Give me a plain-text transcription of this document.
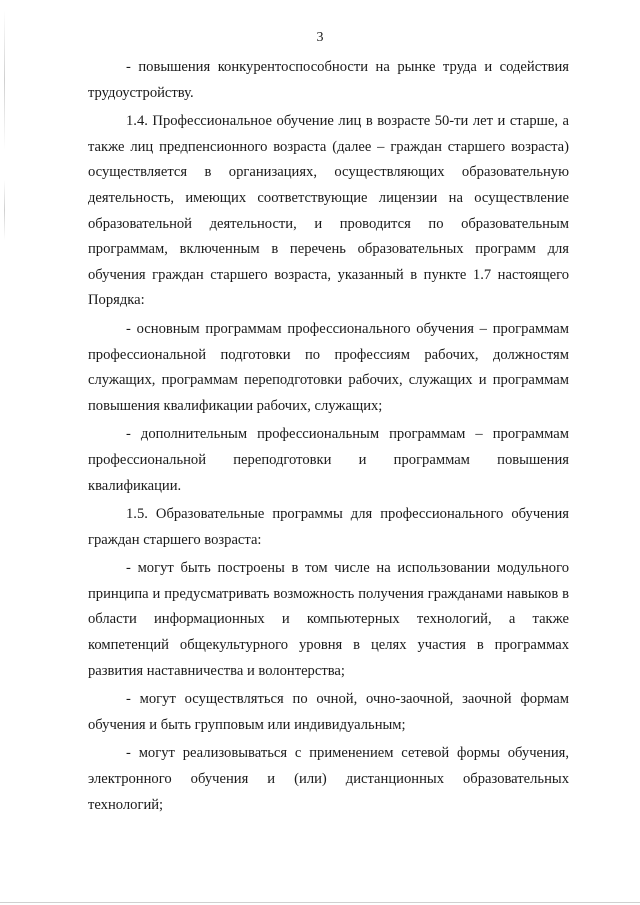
3

- повышения конкурентоспособности на рынке труда и содействия трудоустройству.

1.4. Профессиональное обучение лиц в возрасте 50-ти лет и старше, а также лиц предпенсионного возраста (далее – граждан старшего возраста) осуществляется в организациях, осуществляющих образовательную деятельность, имеющих соответствующие лицензии на осуществление образовательной деятельности, и проводится по образовательным программам, включенным в перечень образовательных программ для обучения граждан старшего возраста, указанный в пункте 1.7 настоящего Порядка:

- основным программам профессионального обучения – программам профессиональной подготовки по профессиям рабочих, должностям служащих, программам переподготовки рабочих, служащих и программам повышения квалификации рабочих, служащих;

- дополнительным профессиональным программам – программам профессиональной переподготовки и программам повышения квалификации.

1.5. Образовательные программы для профессионального обучения граждан старшего возраста:

- могут быть построены в том числе на использовании модульного принципа и предусматривать возможность получения гражданами навыков в области информационных и компьютерных технологий, а также компетенций общекультурного уровня в целях участия в программах развития наставничества и волонтерства;

- могут осуществляться по очной, очно-заочной, заочной формам обучения и быть групповым или индивидуальным;

- могут реализовываться с применением сетевой формы обучения, электронного обучения и (или) дистанционных образовательных технологий;
